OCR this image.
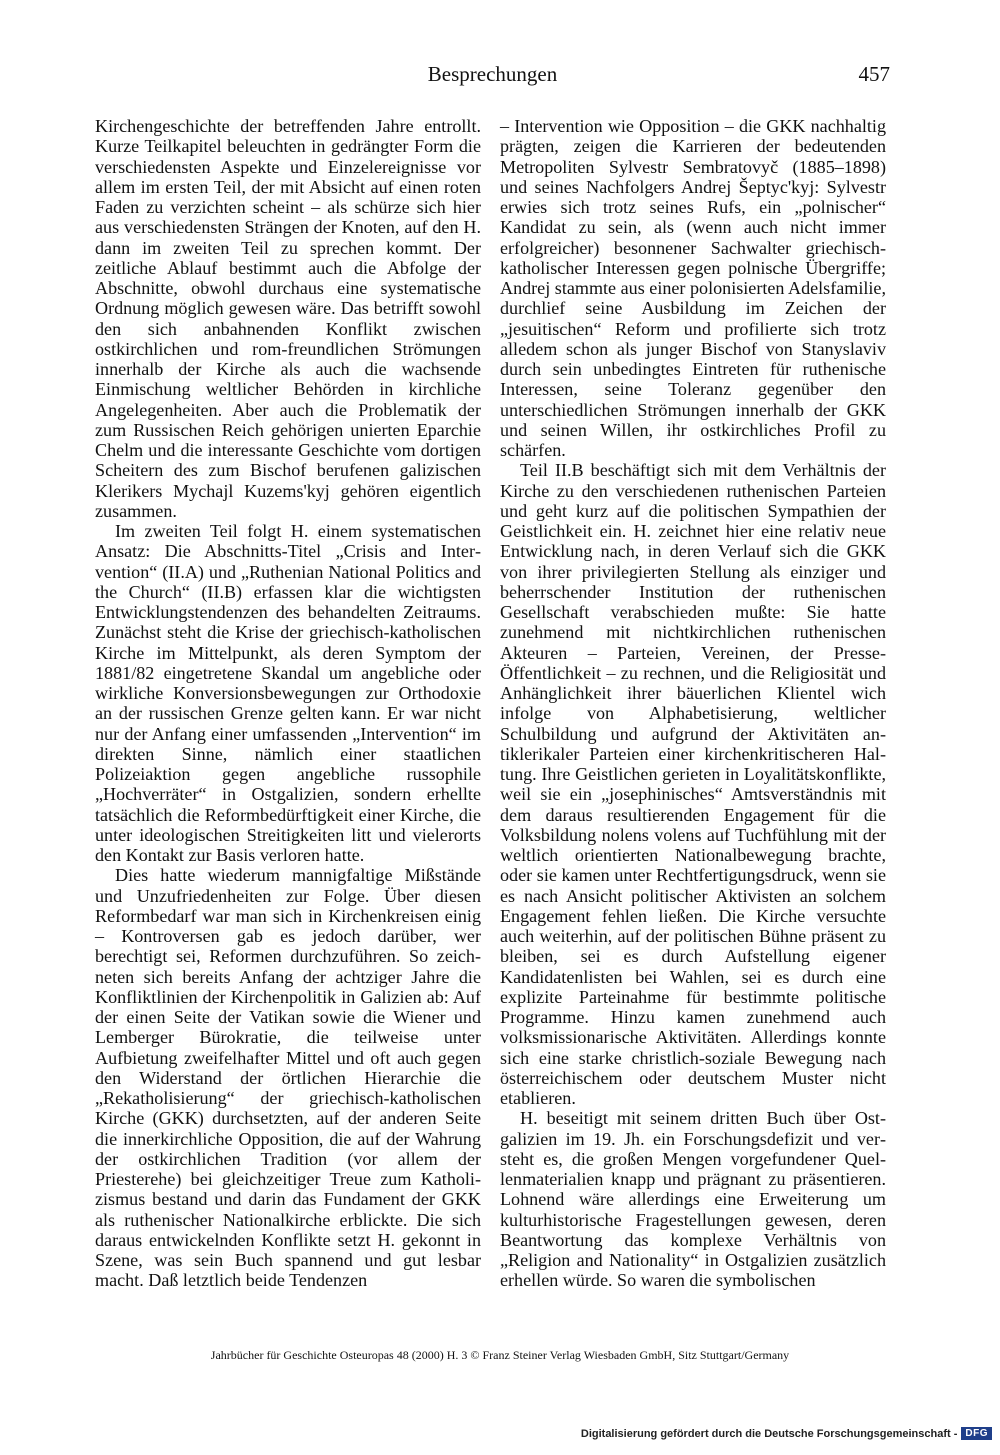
Besprechungen	457

Kirchengeschichte der betreffenden Jahre entrollt. Kurze Teilkapitel beleuchten in gedrängter Form die verschiedensten Aspekte und Einzelereignisse vor allem im ersten Teil, der mit Absicht auf einen roten Faden zu verzichten scheint – als schürze sich hier aus verschiedensten Strängen der Knoten, auf den H. dann im zweiten Teil zu sprechen kommt. Der zeitliche Ablauf bestimmt auch die Abfolge der Abschnitte, obwohl durchaus eine systematische Ordnung möglich gewesen wäre. Das betrifft sowohl den sich anbahnenden Konflikt zwischen ostkirchlichen und rom-freundlichen Strömungen innerhalb der Kirche als auch die wachsende Einmischung weltlicher Behörden in kirchliche Angelegenheiten. Aber auch die Problematik der zum Russischen Reich gehörigen unierten Eparchie Chelm und die interessante Geschichte vom dortigen Scheitern des zum Bischof berufenen galizischen Klerikers Mychajl Kuzems'kyj gehören eigentlich zusammen.

Im zweiten Teil folgt H. einem systematischen Ansatz: Die Abschnitts-Titel „Crisis and Intervention“ (II.A) und „Ruthenian National Politics and the Church“ (II.B) erfassen klar die wichtigsten Entwicklungstendenzen des behandelten Zeitraums. Zunächst steht die Krise der griechisch-katholischen Kirche im Mittelpunkt, als deren Symptom der 1881/82 eingetretene Skandal um angebliche oder wirkliche Konversionsbewegungen zur Orthodoxie an der russischen Grenze gelten kann. Er war nicht nur der Anfang einer umfassenden „Intervention“ im direkten Sinne, nämlich einer staatlichen Polizeiaktion gegen angebliche russophile „Hochverräter“ in Ostgalizien, sondern erhellte tatsächlich die Reformbedürftigkeit einer Kirche, die unter ideologischen Streitigkeiten litt und vielerorts den Kontakt zur Basis verloren hatte.

Dies hatte wiederum mannigfaltige Mißstände und Unzufriedenheiten zur Folge. Über diesen Reformbedarf war man sich in Kirchenkreisen einig – Kontroversen gab es jedoch darüber, wer berechtigt sei, Reformen durchzuführen. So zeichneten sich bereits Anfang der achtziger Jahre die Konfliktlinien der Kirchenpolitik in Galizien ab: Auf der einen Seite der Vatikan sowie die Wiener und Lemberger Bürokratie, die teilweise unter Aufbietung zweifelhafter Mittel und oft auch gegen den Widerstand der örtlichen Hierarchie die „Rekatholisierung“ der griechisch-katholischen Kirche (GKK) durchsetzten, auf der anderen Seite die innerkirchliche Opposition, die auf der Wahrung der ostkirchlichen Tradition (vor allem der Priesterehe) bei gleichzeitiger Treue zum Katholizismus bestand und darin das Fundament der GKK als ruthenischer Nationalkirche erblickte. Die sich daraus entwickelnden Konflikte setzt H. gekonnt in Szene, was sein Buch spannend und gut lesbar macht. Daß letztlich beide Tendenzen

– Intervention wie Opposition – die GKK nachhaltig prägten, zeigen die Karrieren der bedeutenden Metropoliten Sylvestr Sembratovyč (1885–1898) und seines Nachfolgers Andrej Šeptyc'kyj: Sylvestr erwies sich trotz seines Rufs, ein „polnischer“ Kandidat zu sein, als (wenn auch nicht immer erfolgreicher) besonnener Sachwalter griechisch-katholischer Interessen gegen polnische Übergriffe; Andrej stammte aus einer polonisierten Adelsfamilie, durchlief seine Ausbildung im Zeichen der „jesuitischen“ Reform und profilierte sich trotz alledem schon als junger Bischof von Stanyslaviv durch sein unbedingtes Eintreten für ruthenische Interessen, seine Toleranz gegenüber den unterschiedlichen Strömungen innerhalb der GKK und seinen Willen, ihr ostkirchliches Profil zu schärfen.

Teil II.B beschäftigt sich mit dem Verhältnis der Kirche zu den verschiedenen ruthenischen Parteien und geht kurz auf die politischen Sympathien der Geistlichkeit ein. H. zeichnet hier eine relativ neue Entwicklung nach, in deren Verlauf sich die GKK von ihrer privilegierten Stellung als einziger und beherrschender Institution der ruthenischen Gesellschaft verabschieden mußte: Sie hatte zunehmend mit nichtkirchlichen ruthenischen Akteuren – Parteien, Vereinen, der Presse-Öffentlichkeit – zu rechnen, und die Religiosität und Anhänglichkeit ihrer bäuerlichen Klientel wich infolge von Alphabetisierung, weltlicher Schulbildung und aufgrund der Aktivitäten antiklerikaler Parteien einer kirchenkritischeren Haltung. Ihre Geistlichen gerieten in Loyalitätskonflikte, weil sie ein „josephinisches“ Amtsverständnis mit dem daraus resultierenden Engagement für die Volksbildung nolens volens auf Tuchfühlung mit der weltlich orientierten Nationalbewegung brachte, oder sie kamen unter Rechtfertigungsdruck, wenn sie es nach Ansicht politischer Aktivisten an solchem Engagement fehlen ließen. Die Kirche versuchte auch weiterhin, auf der politischen Bühne präsent zu bleiben, sei es durch Aufstellung eigener Kandidatenlisten bei Wahlen, sei es durch eine explizite Parteinahme für bestimmte politische Programme. Hinzu kamen zunehmend auch volksmissionarische Aktivitäten. Allerdings konnte sich eine starke christlich-soziale Bewegung nach österreichischem oder deutschem Muster nicht etablieren.

H. beseitigt mit seinem dritten Buch über Ostgalizien im 19. Jh. ein Forschungsdefizit und versteht es, die großen Mengen vorgefundener Quellenmaterialien knapp und prägnant zu präsentieren. Lohnend wäre allerdings eine Erweiterung um kulturhistorische Fragestellungen gewesen, deren Beantwortung das komplexe Verhältnis von „Religion and Nationality“ in Ostgalizien zusätzlich erhellen würde. So waren die symbolischen

Jahrbücher für Geschichte Osteuropas 48 (2000) H. 3 © Franz Steiner Verlag Wiesbaden GmbH, Sitz Stuttgart/Germany
Digitalisierung gefördert durch die Deutsche Forschungsgemeinschaft - DFG
